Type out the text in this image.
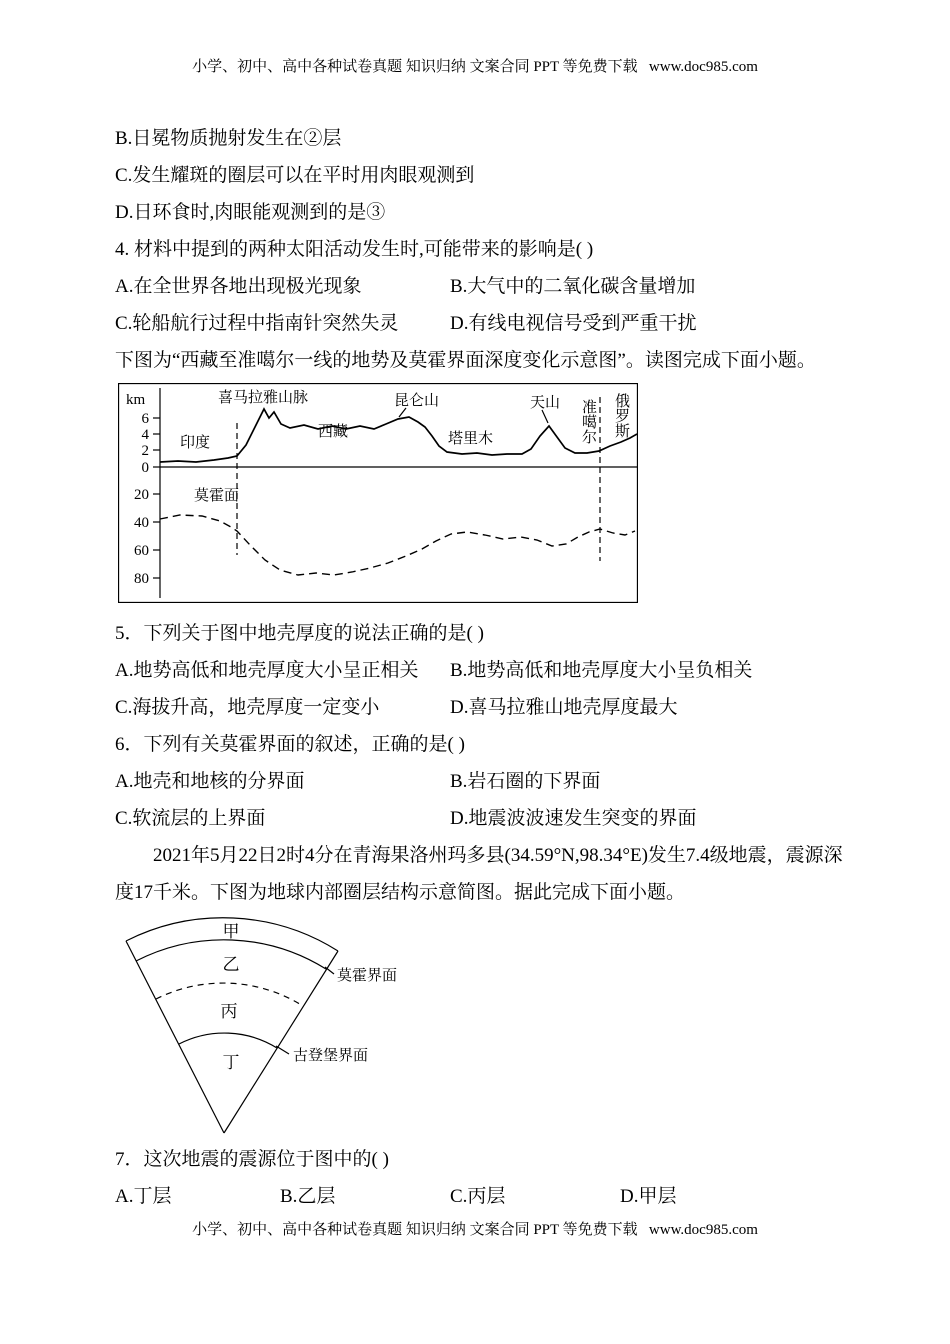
小学、初中、高中各种试卷真题 知识归纳 文案合同 PPT 等免费下载   www.doc985.com
B.日冕物质抛射发生在②层
C.发生耀斑的圈层可以在平时用肉眼观测到
D.日环食时,肉眼能观测到的是③
4. 材料中提到的两种太阳活动发生时,可能带来的影响是( )
A.在全世界各地出现极光现象	B.大气中的二氧化碳含量增加
C.轮船航行过程中指南针突然失灵	D.有线电视信号受到严重干扰
下图为“西藏至准噶尔一线的地势及莫霍界面深度变化示意图”。读图完成下面小题。
km
6
4
2
0
20
40
60
80
喜马拉雅山脉	昆仑山	天山
西藏
印度	塔里木	准噶尔 俄罗斯
莫霍面
5．下列关于图中地壳厚度的说法正确的是( )
A.地势高低和地壳厚度大小呈正相关	B.地势高低和地壳厚度大小呈负相关
C.海拔升高，地壳厚度一定变小	D.喜马拉雅山地壳厚度最大
6．下列有关莫霍界面的叙述，正确的是( )
A.地壳和地核的分界面	B.岩石圈的下界面
C.软流层的上界面	D.地震波波速发生突变的界面
2021年5月22日2时4分在青海果洛州玛多县(34.59°N,98.34°E)发生7.4级地震，震源深度17千米。下图为地球内部圈层结构示意简图。据此完成下面小题。
甲
乙
丙
丁
莫霍界面
古登堡界面
7．这次地震的震源位于图中的( )
A.丁层	B.乙层	C.丙层	D.甲层
小学、初中、高中各种试卷真题 知识归纳 文案合同 PPT 等免费下载   www.doc985.com
